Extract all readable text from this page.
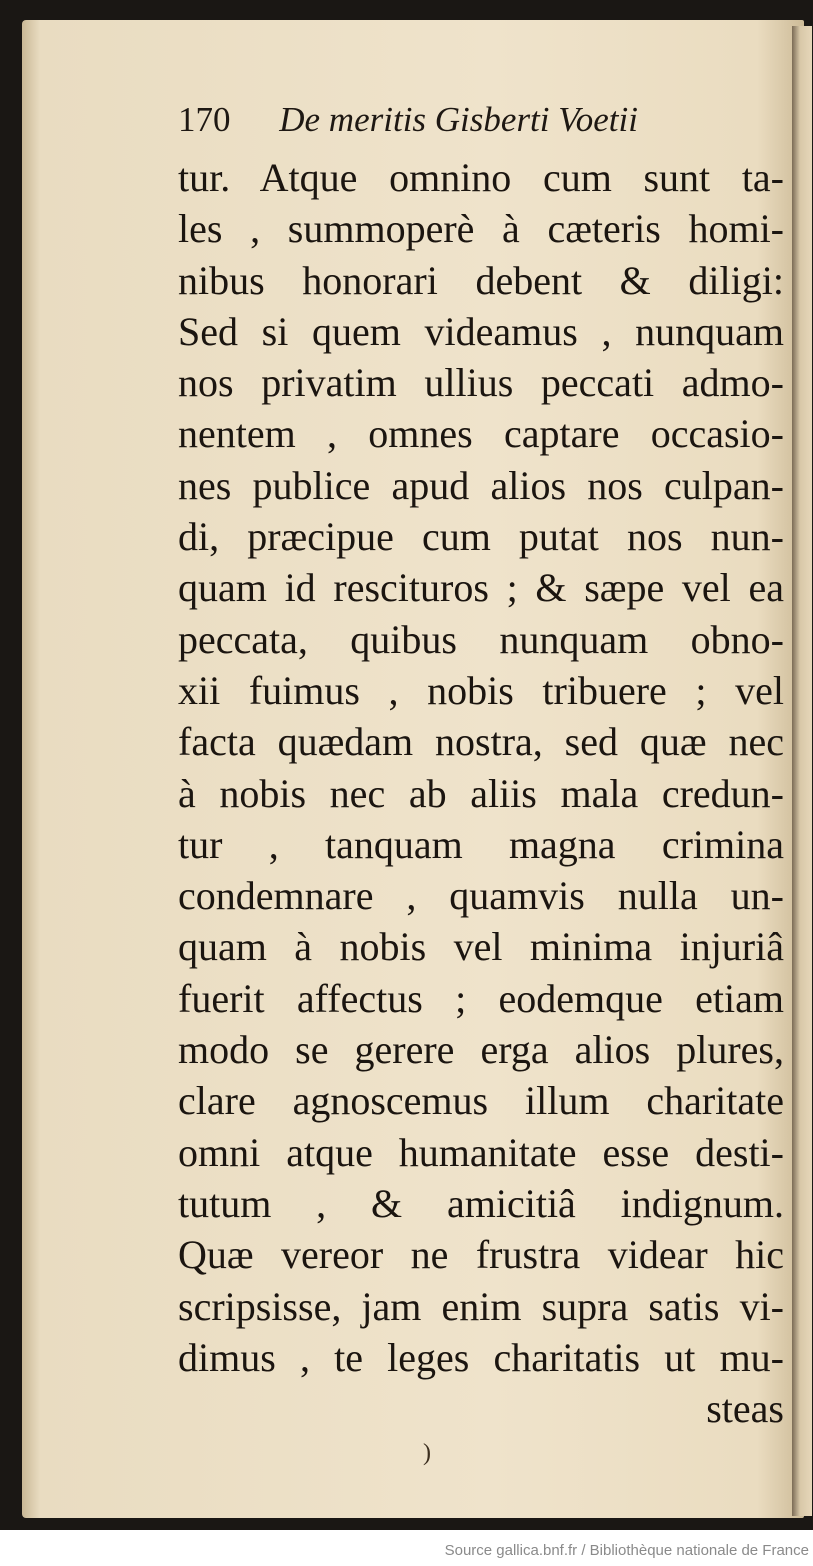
170 De meritis Gisberti Voetii
tur. Atque omnino cum sunt ta-
les , summoperè à cæteris homi-
nibus honorari debent & diligi:
Sed si quem videamus , nunquam
nos privatim ullius peccati admo-
nentem , omnes captare occasio-
nes publice apud alios nos culpan-
di, præcipue cum putat nos nun-
quam id rescituros ; & sæpe vel ea
peccata, quibus nunquam obno-
xii fuimus , nobis tribuere ; vel
facta quædam nostra, sed quæ nec
à nobis nec ab aliis mala credun-
tur , tanquam magna crimina
condemnare , quamvis nulla un-
quam à nobis vel minima injuriâ
fuerit affectus ; eodemque etiam
modo se gerere erga alios plures,
clare agnoscemus illum charitate
omni atque humanitate esse desti-
tutum , & amicitiâ indignum.
Quæ vereor ne frustra videar hic
scripsisse, jam enim supra satis vi-
dimus , te leges charitatis ut mu-
steas
)
Source gallica.bnf.fr / Bibliothèque nationale de France
